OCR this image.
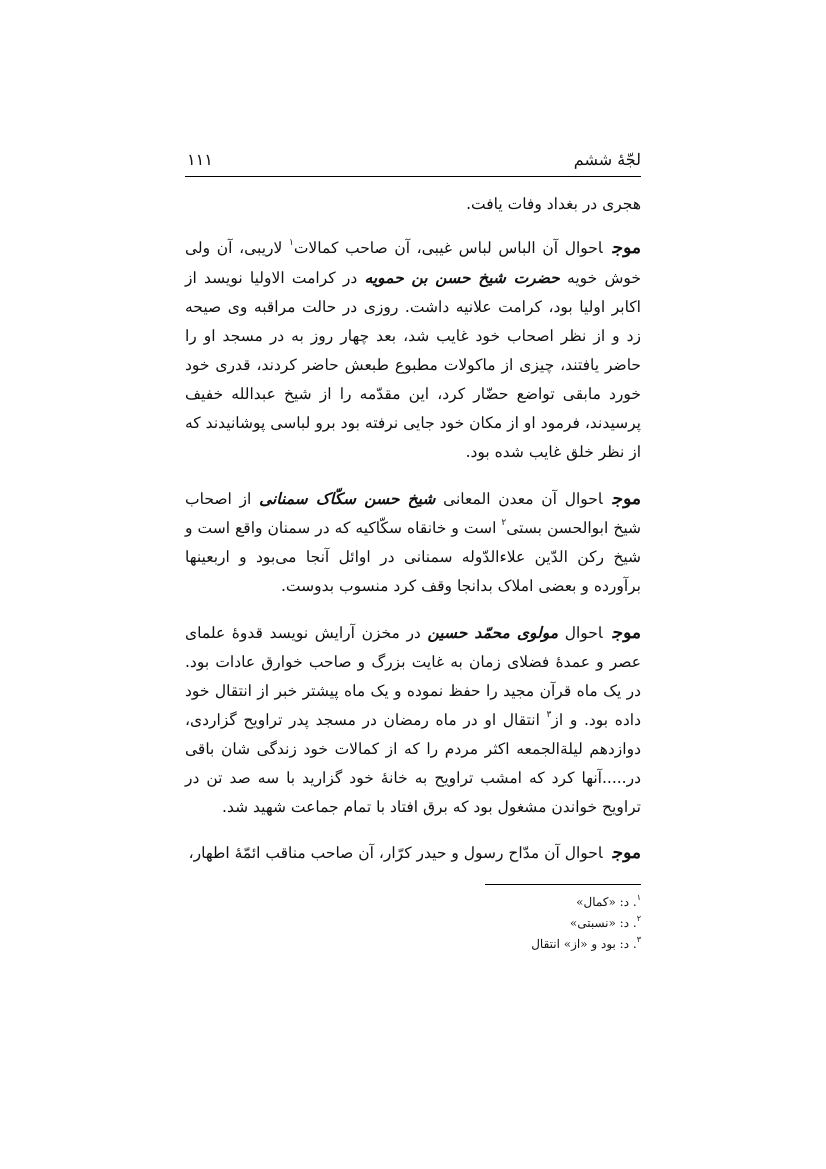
لجّهٔ ششم
۱۱۱

هجری در بغداد وفات یافت.

موجاحوال آن الباس لباس غیبی، آن صاحب کمالات$^۱$ لاریبی، آن ولی خوش خویه حضرت شیخ حسن بن حمویه در کرامت الاولیا نویسد از اکابر اولیا بود، کرامت علانیه داشت. روزی در حالت مراقبه وی صیحه زد و از نظر اصحاب خود غایب شد، بعد چهار روز به در مسجد او را حاضر یافتند، چیزی از ماکولات مطبوع طبعش حاضر کردند، قدری خود خورد مابقی تواضع حضّار کرد، این مقدّمه را از شیخ عبدالله خفیف پرسیدند، فرمود او از مکان خود جایی نرفته بود برو لباسی پوشانیدند که از نظر خلق غایب شده بود.

موجاحوال آن معدن المعانی شیخ حسن سکّاک سمنانی از اصحاب شیخ ابوالحسن بستی$^۲$ است و خانقاه سکّاکیه که در سمنان واقع است و شیخ رکن الدّین علاءالدّوله سمنانی در اوائل آنجا می‌بود و اربعینها برآورده و بعضی املاک بدانجا وقف کرد منسوب بدوست.

موجاحوال مولوی محمّد حسین در مخزن آرایش نویسد قدوهٔ علمای عصر و عمدهٔ فضلای زمان به غایت بزرگ و صاحب خوارق عادات بود. در یک ماه قرآن مجید را حفظ نموده و یک ماه پیشتر خبر از انتقال خود داده بود. و از$^۳$ انتقال او در ماه رمضان در مسجد پدر تراویح گزاردی، دوازدهم لیلةالجمعه اکثر مردم را که از کمالات خود زندگی شان باقی در.....آنها کرد که امشب تراویح به خانهٔ خود گزارید با سه صد تن در تراویح خواندن مشغول بود که برق افتاد با تمام جماعت شهید شد.

موجاحوال آن مدّاح رسول و حیدر کرّار، آن صاحب مناقب ائمّهٔ اطهار،

$^۱$. د: «کمال»
$^۲$. د: «نسبتی»
$^۳$. د: بود و «از» انتقال
